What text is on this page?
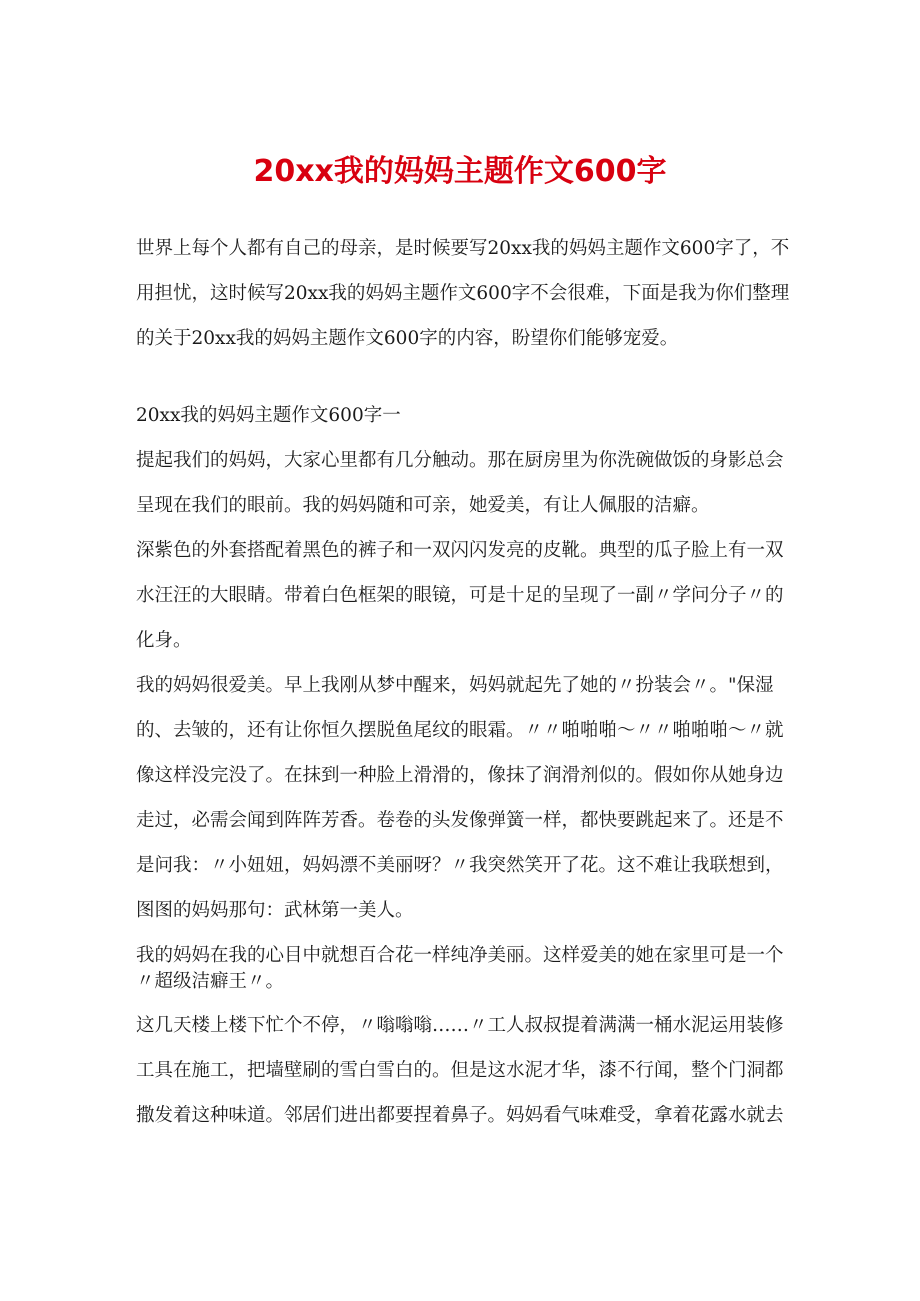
20xx我的妈妈主题作文600字

世界上每个人都有自己的母亲，是时候要写20xx我的妈妈主题作文600字了，不用担忧，这时候写20xx我的妈妈主题作文600字不会很难，下面是我为你们整理的关于20xx我的妈妈主题作文600字的内容，盼望你们能够宠爱。

20xx我的妈妈主题作文600字一

提起我们的妈妈，大家心里都有几分触动。那在厨房里为你洗碗做饭的身影总会呈现在我们的眼前。我的妈妈随和可亲，她爱美，有让人佩服的洁癖。

深紫色的外套搭配着黑色的裤子和一双闪闪发亮的皮靴。典型的瓜子脸上有一双水汪汪的大眼睛。带着白色框架的眼镜，可是十足的呈现了一副〃学问分子〃的化身。

我的妈妈很爱美。早上我刚从梦中醒来，妈妈就起先了她的〃扮装会〃。"保湿的、去皱的，还有让你恒久摆脱鱼尾纹的眼霜。〃〃啪啪啪～〃〃啪啪啪～〃就像这样没完没了。在抹到一种脸上滑滑的，像抹了润滑剂似的。假如你从她身边走过，必需会闻到阵阵芳香。卷卷的头发像弹簧一样，都快要跳起来了。还是不是问我：〃小妞妞，妈妈漂不美丽呀？〃我突然笑开了花。这不难让我联想到，图图的妈妈那句：武林第一美人。

我的妈妈在我的心目中就想百合花一样纯净美丽。这样爱美的她在家里可是一个〃超级洁癖王〃。

这几天楼上楼下忙个不停，〃嗡嗡嗡……〃工人叔叔提着满满一桶水泥运用装修工具在施工，把墙壁刷的雪白雪白的。但是这水泥才华，漆不行闻，整个门洞都撒发着这种味道。邻居们进出都要捏着鼻子。妈妈看气味难受，拿着花露水就去
